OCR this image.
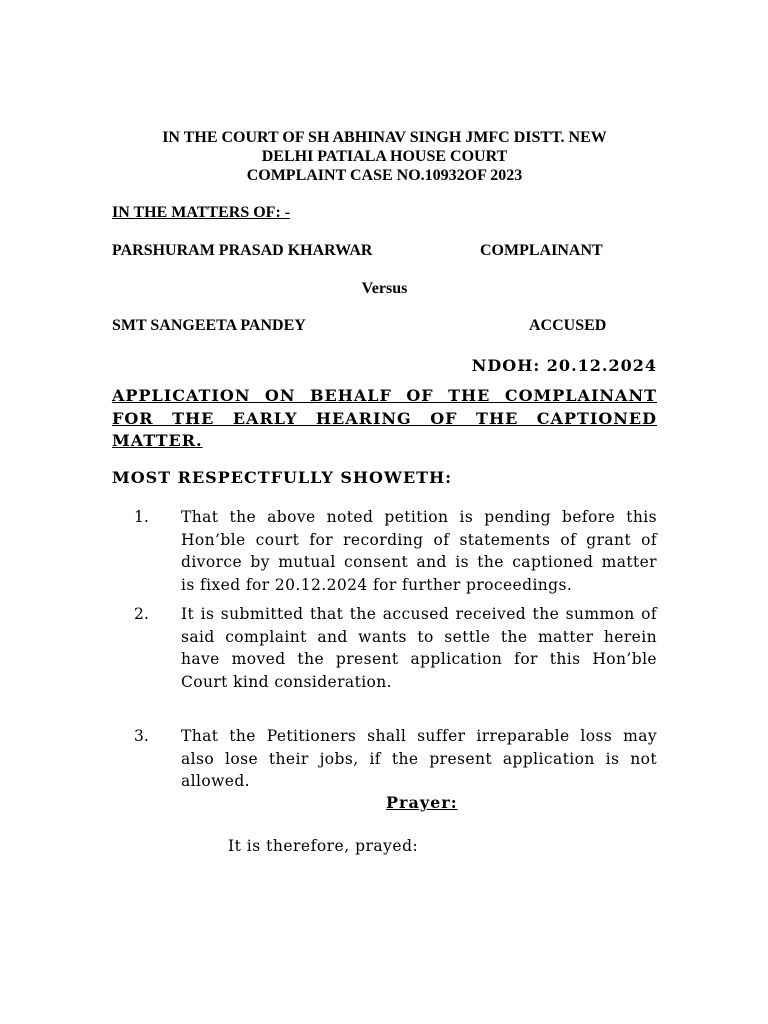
IN THE COURT OF SH ABHINAV SINGH JMFC DISTT. NEW
DELHI PATIALA HOUSE COURT
COMPLAINT CASE NO.10932OF 2023
IN THE MATTERS OF: -
PARSHURAM PRASAD KHARWAR	COMPLAINANT
Versus
SMT SANGEETA PANDEY	ACCUSED
NDOH: 20.12.2024
APPLICATION ON BEHALF OF THE COMPLAINANT
FOR THE EARLY HEARING OF THE CAPTIONED
MATTER.
MOST RESPECTFULLY SHOWETH:
1. That the above noted petition is pending before this
Hon’ble court for recording of statements of grant of
divorce by mutual consent and is the captioned matter
is fixed for 20.12.2024 for further proceedings.
2. It is submitted that the accused received the summon of
said complaint and wants to settle the matter herein
have moved the present application for this Hon’ble
Court kind consideration.
3. That the Petitioners shall suffer irreparable loss may
also lose their jobs, if the present application is not
allowed.
Prayer:
It is therefore, prayed:
